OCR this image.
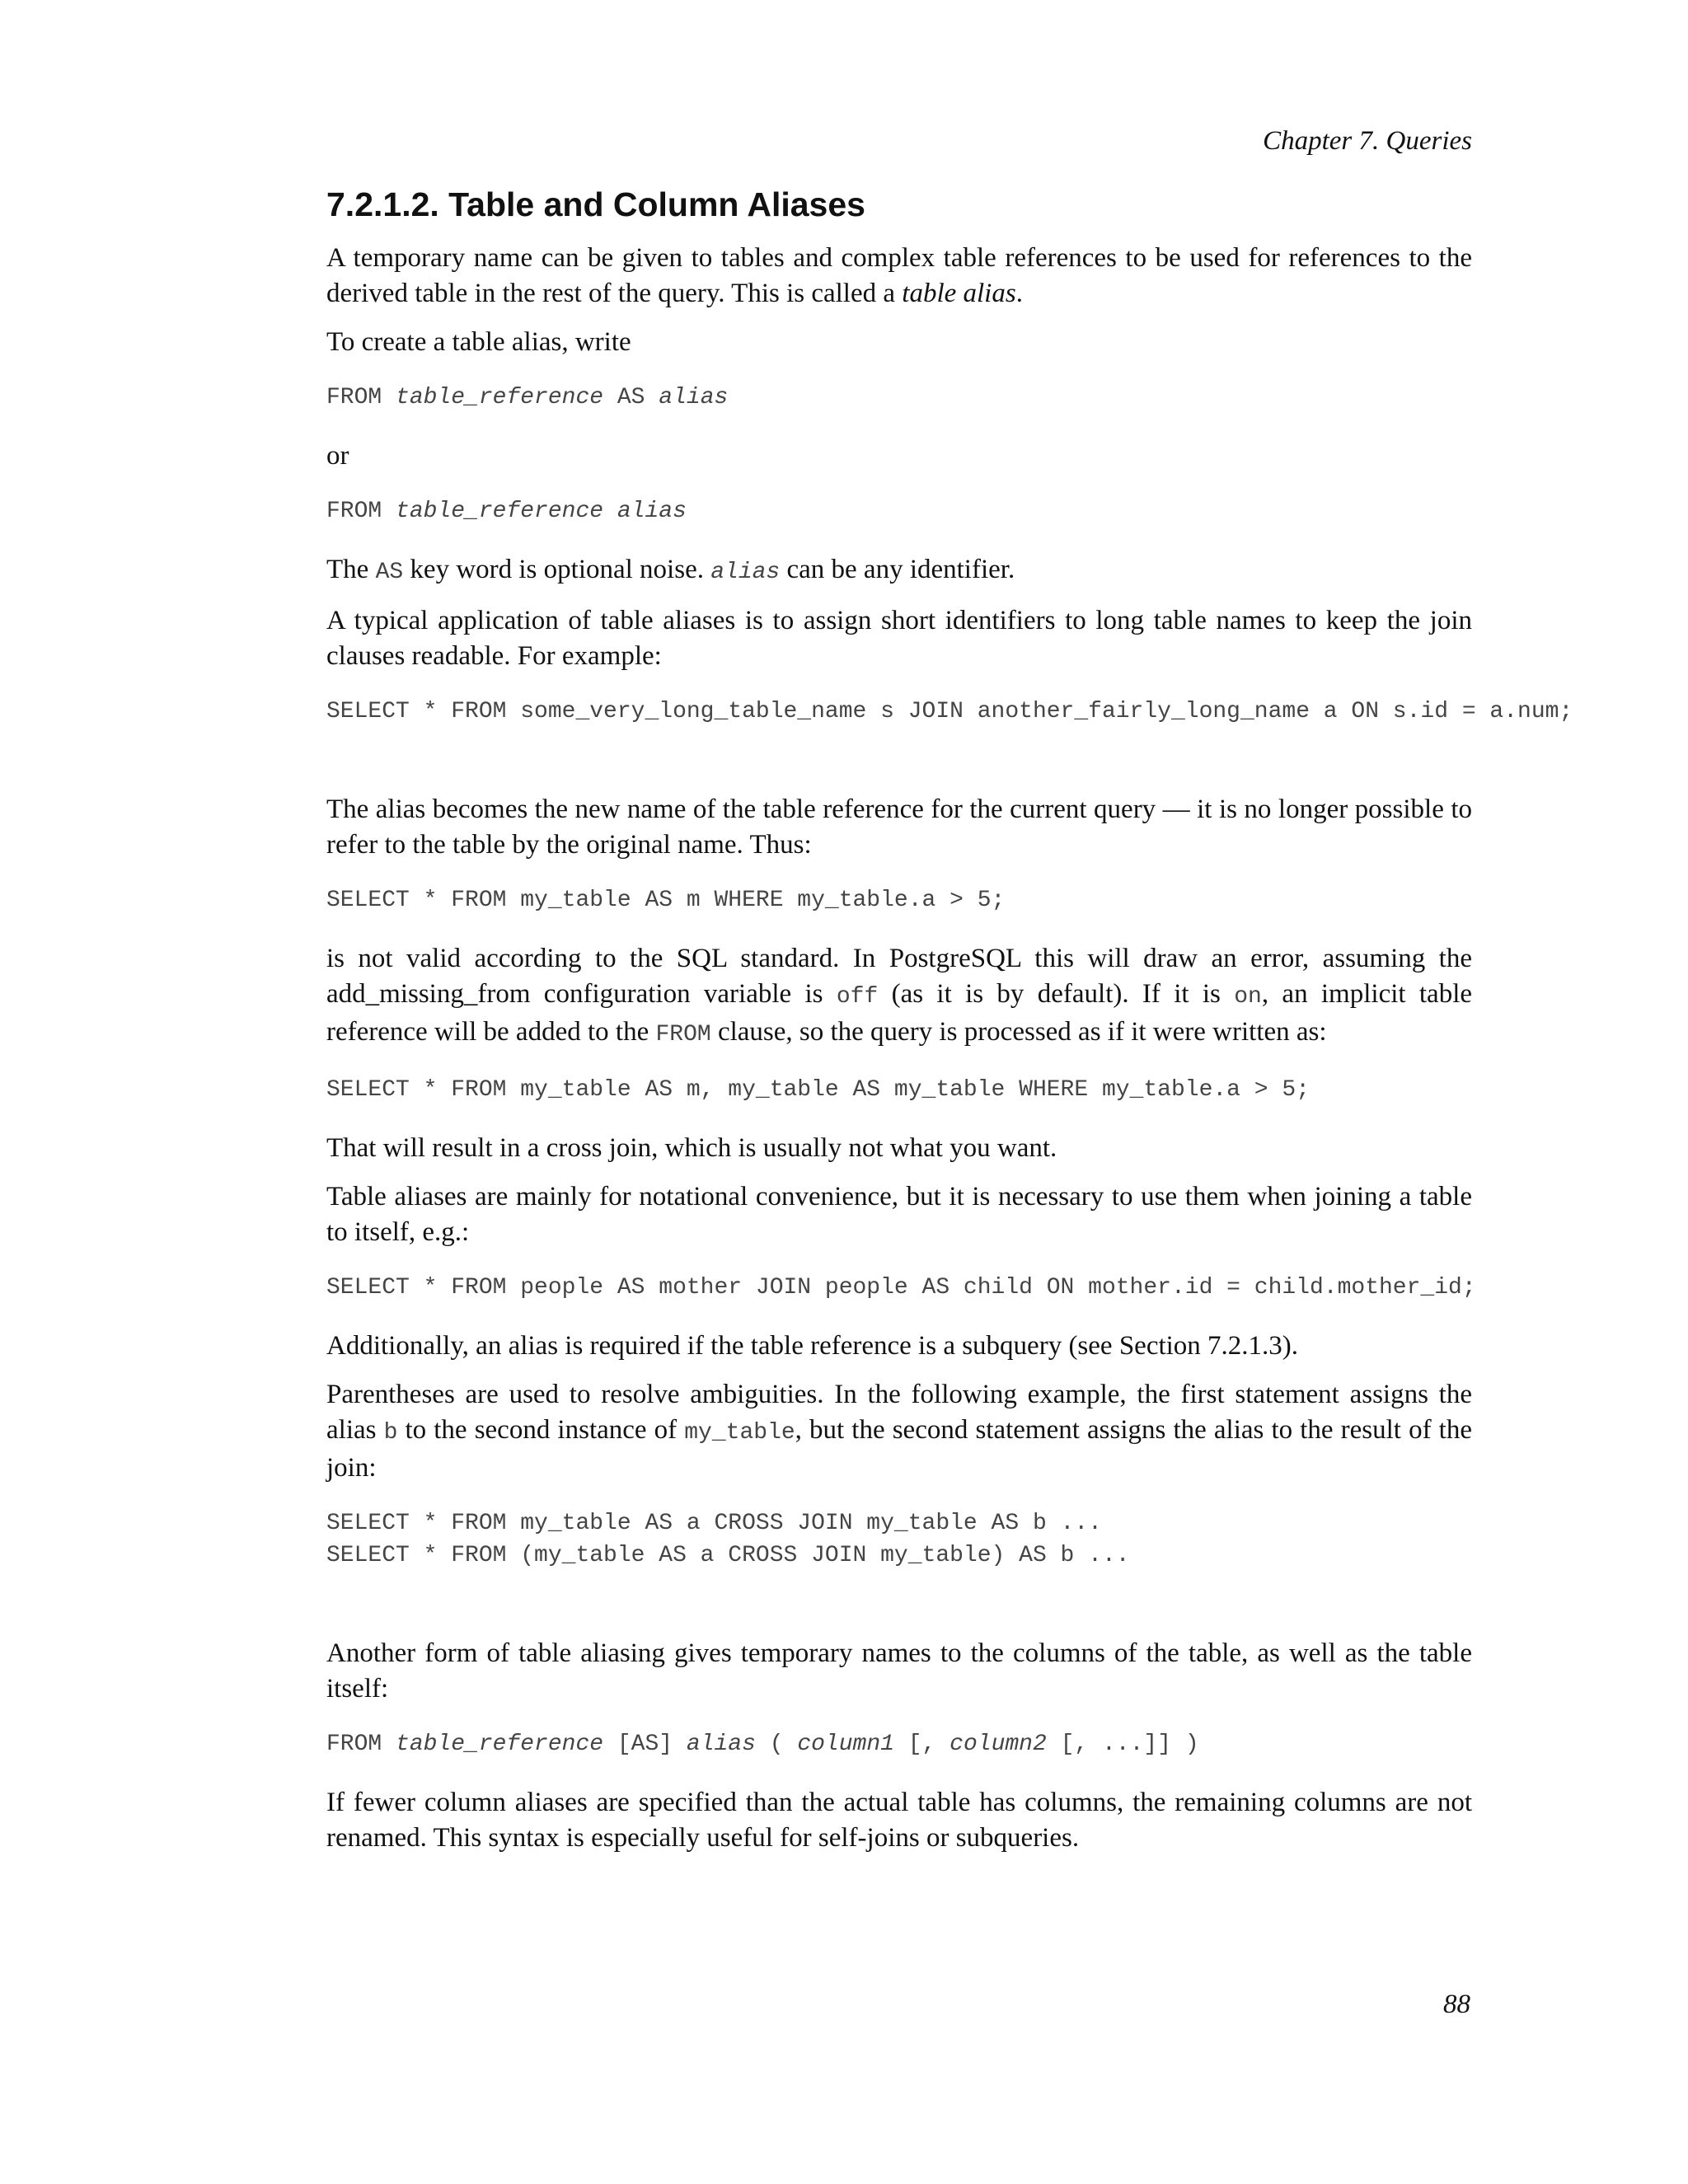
Chapter 7. Queries
7.2.1.2. Table and Column Aliases

A temporary name can be given to tables and complex table references to be used for references to the derived table in the rest of the query. This is called a table alias.

To create a table alias, write

FROM table_reference AS alias

or

FROM table_reference alias

The AS key word is optional noise. alias can be any identifier.

A typical application of table aliases is to assign short identifiers to long table names to keep the join clauses readable. For example:

SELECT * FROM some_very_long_table_name s JOIN another_fairly_long_name a ON s.id = a.num;

The alias becomes the new name of the table reference for the current query — it is no longer possible to refer to the table by the original name. Thus:

SELECT * FROM my_table AS m WHERE my_table.a > 5;

is not valid according to the SQL standard. In PostgreSQL this will draw an error, assuming the add_missing_from configuration variable is off (as it is by default). If it is on, an implicit table reference will be added to the FROM clause, so the query is processed as if it were written as:

SELECT * FROM my_table AS m, my_table AS my_table WHERE my_table.a > 5;

That will result in a cross join, which is usually not what you want.

Table aliases are mainly for notational convenience, but it is necessary to use them when joining a table to itself, e.g.:

SELECT * FROM people AS mother JOIN people AS child ON mother.id = child.mother_id;

Additionally, an alias is required if the table reference is a subquery (see Section 7.2.1.3).

Parentheses are used to resolve ambiguities. In the following example, the first statement assigns the alias b to the second instance of my_table, but the second statement assigns the alias to the result of the join:

SELECT * FROM my_table AS a CROSS JOIN my_table AS b ...
SELECT * FROM (my_table AS a CROSS JOIN my_table) AS b ...

Another form of table aliasing gives temporary names to the columns of the table, as well as the table itself:

FROM table_reference [AS] alias ( column1 [, column2 [, ...]] )

If fewer column aliases are specified than the actual table has columns, the remaining columns are not renamed. This syntax is especially useful for self-joins or subqueries.

88
